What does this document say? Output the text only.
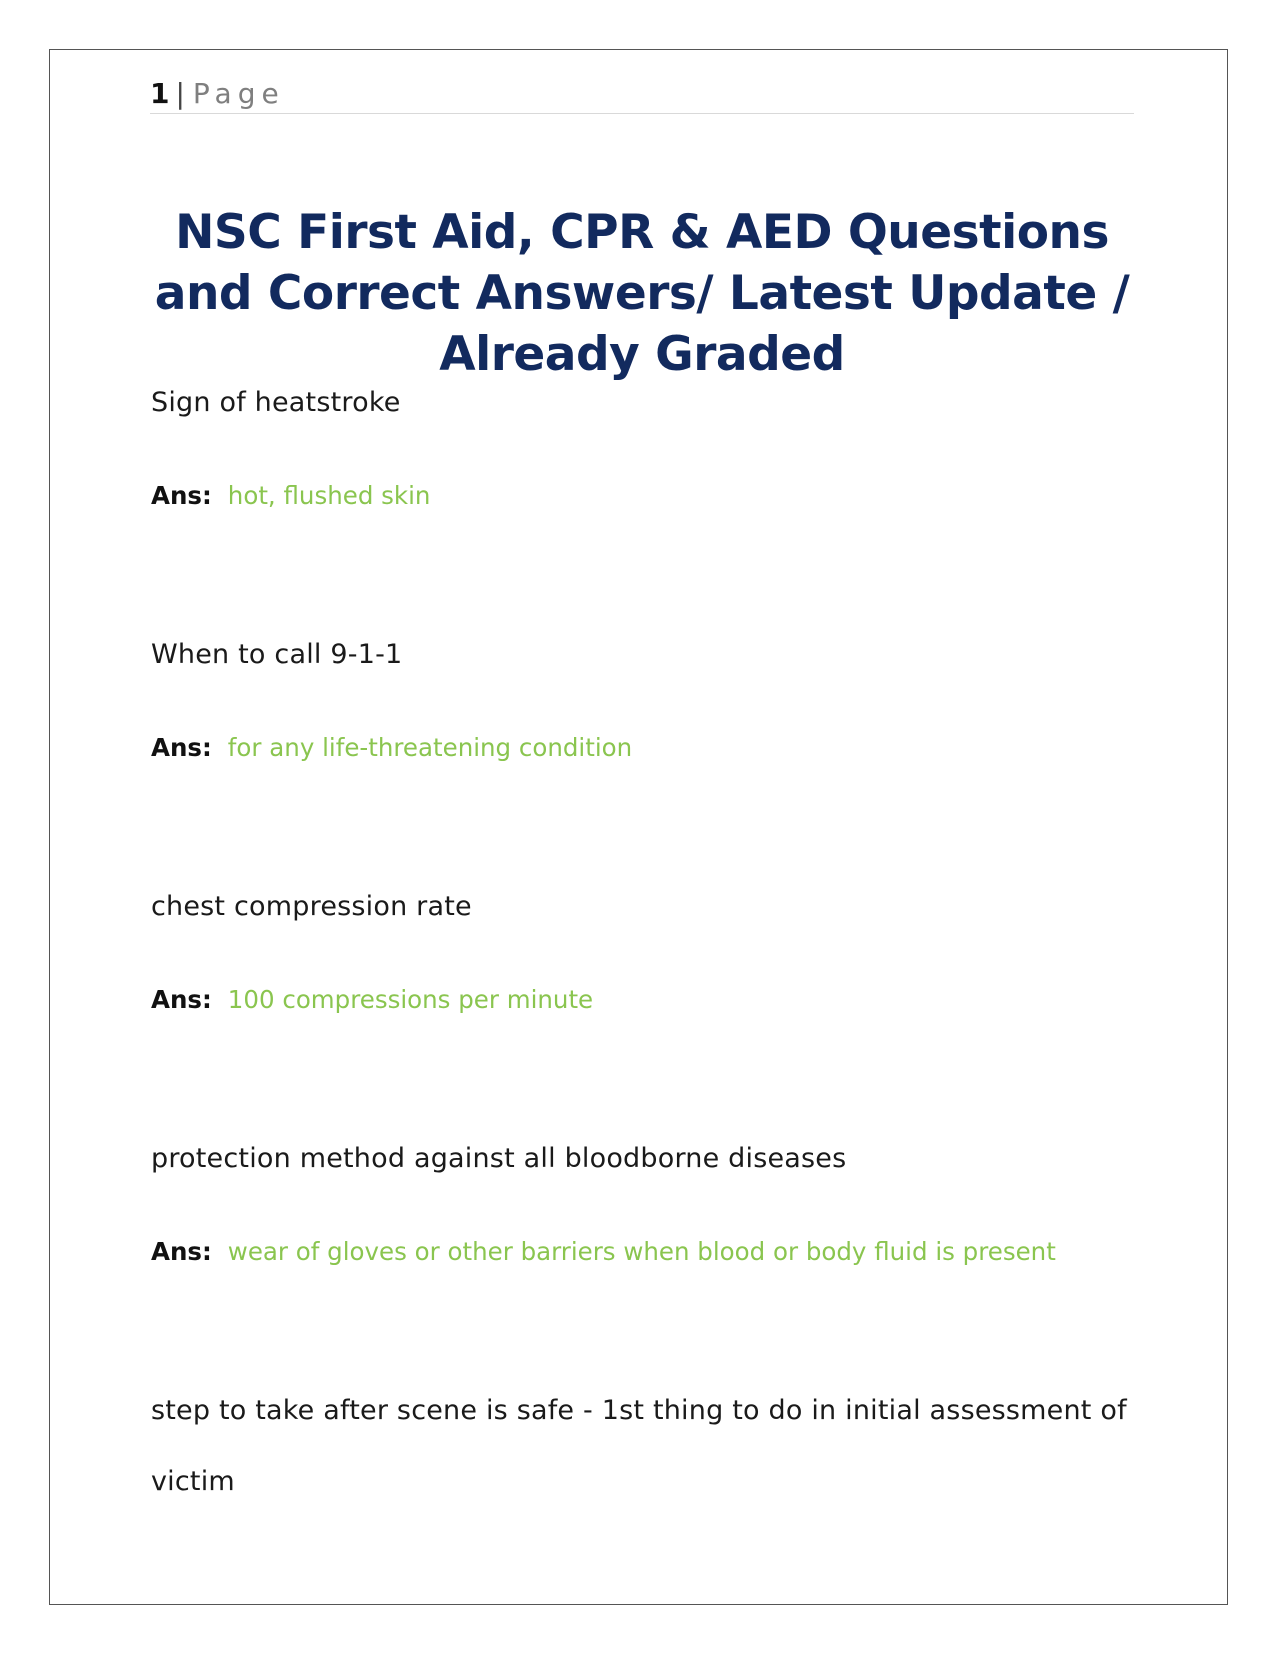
1 | Page
NSC First Aid, CPR & AED Questions and Correct Answers/ Latest Update / Already Graded
Sign of heatstroke
Ans: hot, flushed skin
When to call 9-1-1
Ans: for any life-threatening condition
chest compression rate
Ans: 100 compressions per minute
protection method against all bloodborne diseases
Ans: wear of gloves or other barriers when blood or body fluid is present
step to take after scene is safe - 1st thing to do in initial assessment of victim
